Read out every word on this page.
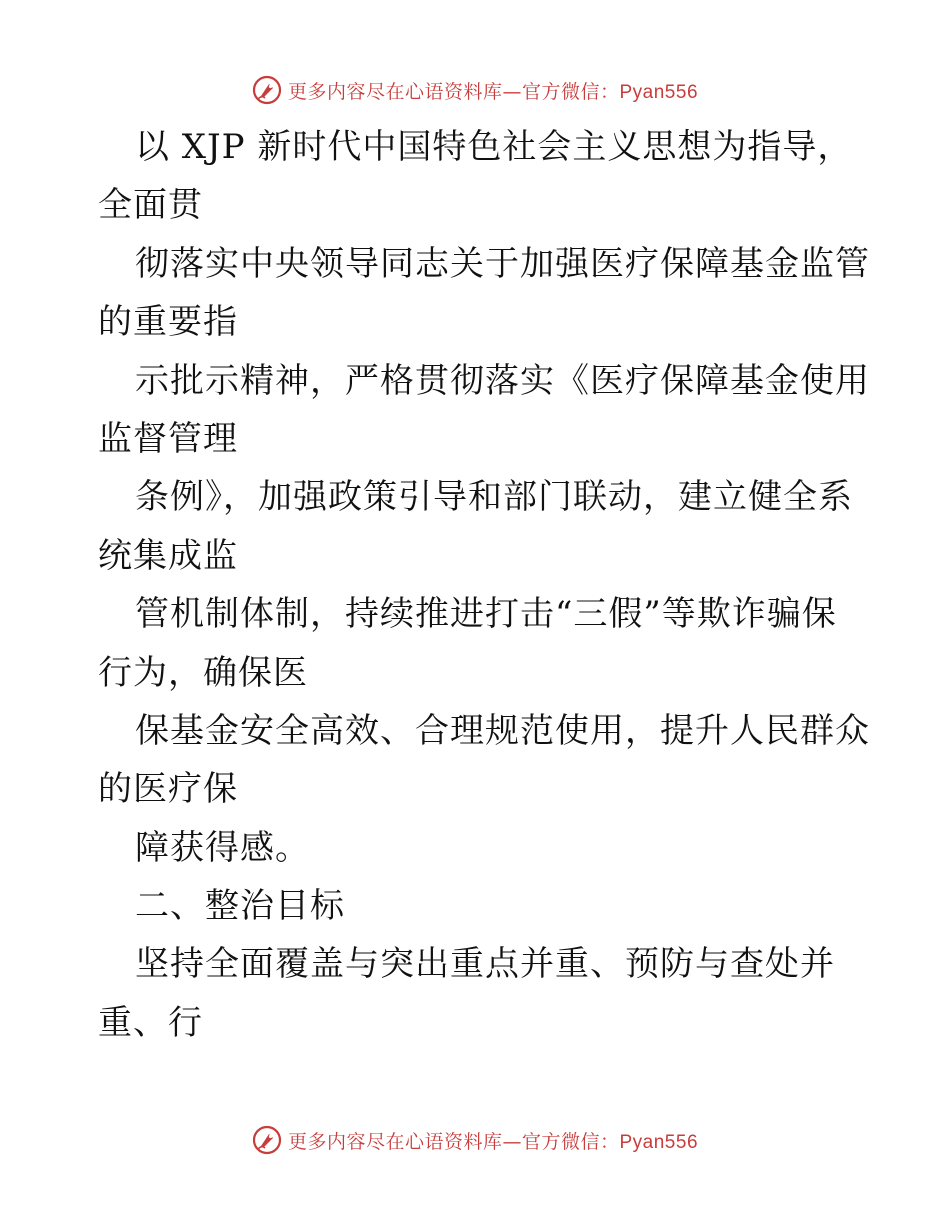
更多内容尽在心语资料库—官方微信：Pyan556
以 XJP 新时代中国特色社会主义思想为指导，
全面贯
彻落实中央领导同志关于加强医疗保障基金监管
的重要指
示批示精神，严格贯彻落实《医疗保障基金使用
监督管理
条例》，加强政策引导和部门联动，建立健全系
统集成监
管机制体制，持续推进打击“三假”等欺诈骗保
行为，确保医
保基金安全高效、合理规范使用，提升人民群众
的医疗保
障获得感。
二、整治目标
坚持全面覆盖与突出重点并重、预防与查处并
重、行
更多内容尽在心语资料库—官方微信：Pyan556
